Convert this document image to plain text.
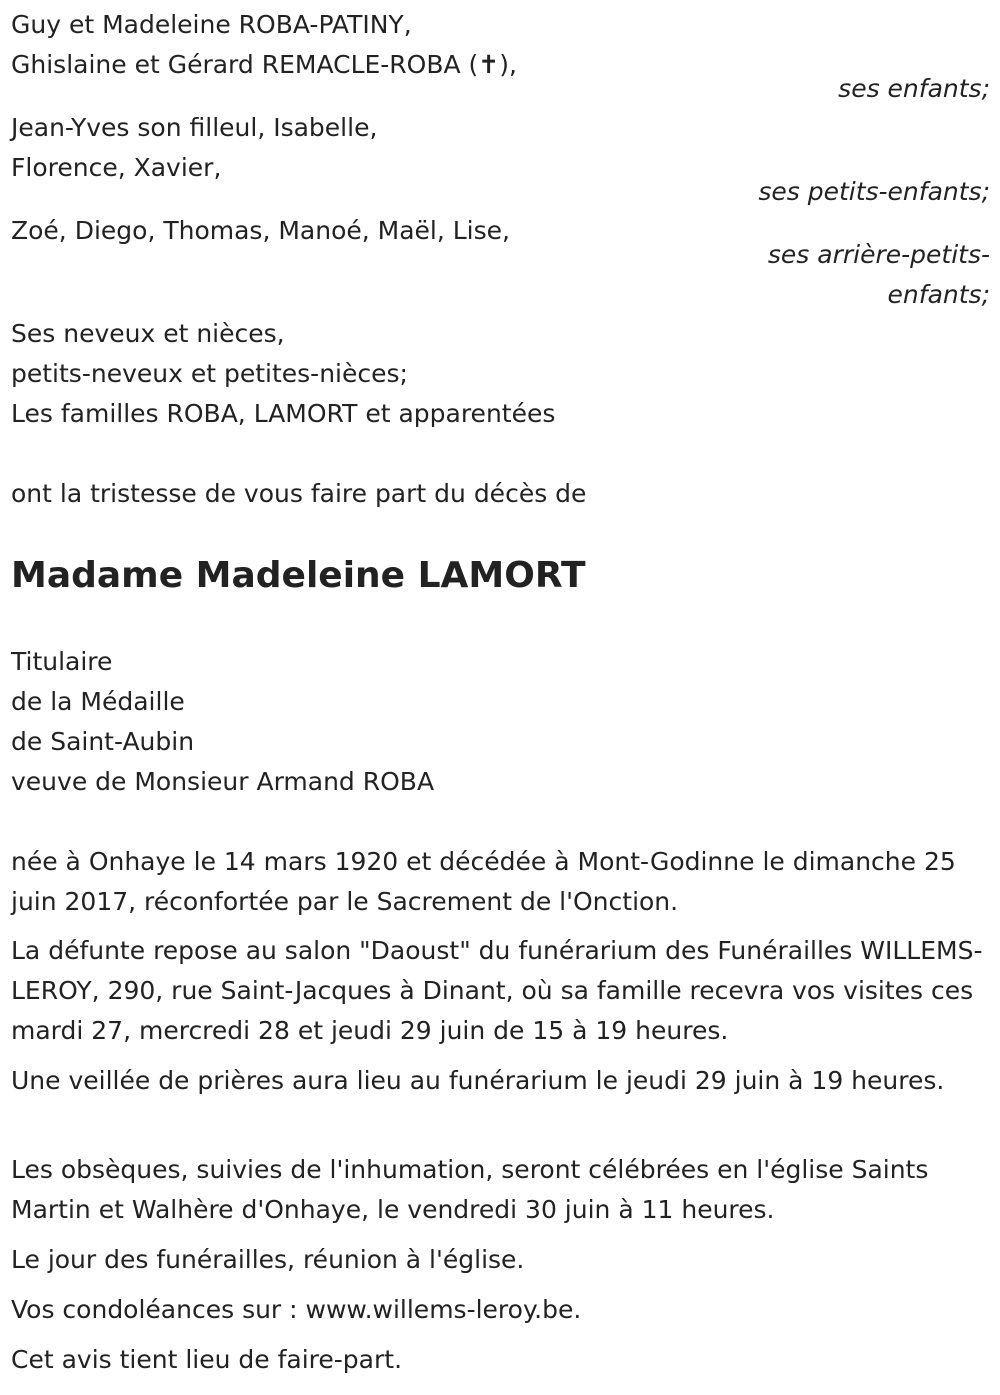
Guy et Madeleine ROBA-PATINY,
Ghislaine et Gérard REMACLE-ROBA (✝),
ses enfants;
Jean-Yves son filleul, Isabelle,
Florence, Xavier,
ses petits-enfants;
Zoé, Diego, Thomas, Manoé, Maël, Lise,
ses arrière-petits-
enfants;
Ses neveux et nièces,
petits-neveux et petites-nièces;
Les familles ROBA, LAMORT et apparentées
ont la tristesse de vous faire part du décès de
Madame Madeleine LAMORT
Titulaire
de la Médaille
de Saint-Aubin
veuve de Monsieur Armand ROBA
née à Onhaye le 14 mars 1920 et décédée à Mont-Godinne le dimanche 25 juin 2017, réconfortée par le Sacrement de l'Onction.
La défunte repose au salon "Daoust" du funérarium des Funérailles WILLEMS-LEROY, 290, rue Saint-Jacques à Dinant, où sa famille recevra vos visites ces mardi 27, mercredi 28 et jeudi 29 juin de 15 à 19 heures.
Une veillée de prières aura lieu au funérarium le jeudi 29 juin à 19 heures.
Les obsèques, suivies de l'inhumation, seront célébrées en l'église Saints Martin et Walhère d'Onhaye, le vendredi 30 juin à 11 heures.
Le jour des funérailles, réunion à l'église.
Vos condoléances sur : www.willems-leroy.be.
Cet avis tient lieu de faire-part.
